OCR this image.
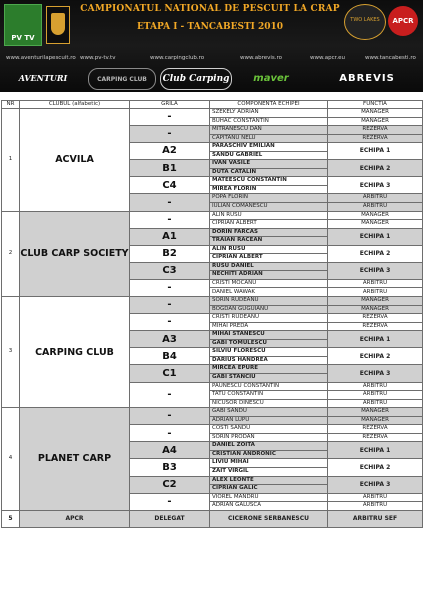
PV TV
CAMPIONATUL NATIONAL DE PESCUIT LA CRAP
ETAPA I - TANCABESTI 2010
TWO LAKES	APCR
www.aventurilapescuit.ro www.pv-tv.tv	www.carpingclub.ro	www.abrevis.ro	www.apcr.eu	www.tancabesti.ro
AVENTURI	CARPING CLUB	Club Carping	maver	ABREVIS
NR	CLUBUL (alfabetic)	GRILA	COMPONENTA ECHIPEI	FUNCTIA
1	ACVILA	-	SZEKELY ADRIAN	MANAGER
			BUHAC CONSTANTIN	MANAGER
		-	MITRANESCU DAN	REZERVA
			CAPITANU NELU	REZERVA
		A2	PARASCHIV EMILIAN	ECHIPA 1
			SANDU GABRIEL	
		B1	IVAN VASILE	ECHIPA 2
			DUTA CATALIN	
		C4	MATEESCU CONSTANTIN	ECHIPA 3
			MIREA FLORIN	
		-	POPA FLORIN	ARBITRU
			IULIAN COMANESCU	ARBITRU
2	CLUB CARP SOCIETY	-	ALIN RUSU	MANAGER
			CIPRIAN ALBERT	MANAGER
		A1	DORIN FARCAS	ECHIPA 1
			TRAIAN RACEAN	
		B2	ALIN RUSU	ECHIPA 2
			CIPRIAN ALBERT	
		C3	RUSU DANIEL	ECHIPA 3
			NECHITI ADRIAN	
		-	CRISTI MOCANU	ARBITRU
			DANIEL WAWAK	ARBITRU
3	CARPING CLUB	-	SORIN RUDEANU	MANAGER
			BOGDAN GUGUIANU	MANAGER
		-	CRISTI RUDEANU	REZERVA
			MIHAI PREDA	REZERVA
		A3	MIHAI STANESCU	ECHIPA 1
			GABI TOMULESCU	
		B4	SILVIU FLORESCU	ECHIPA 2
			DARIUS HANDREA	
		C1	MIRCEA EPURE	ECHIPA 3
			GABI STANCIU	
		-	PAUNESCU CONSTANTIN	ARBITRU
			TATU CONSTANTIN	ARBITRU
			NICUSOR DINESCU	ARBITRU
4	PLANET CARP	-	GABI SANDU	MANAGER
			ADRIAN LUPU	MANAGER
		-	COSTI SANDU	REZERVA
			SORIN PRODAN	REZERVA
		A4	DANIEL ZOITA	ECHIPA 1
			CRISTIAN ANDRONIC	
		B3	LIVIU MIHAI	ECHIPA 2
			ZAIT VIRGIL	
		C2	ALEX LEONTE	ECHIPA 3
			CIPRIAN GALIC	
		-	VIOREL MANDRU	ARBITRU
			ADRIAN GALUSCA	ARBITRU
5	APCR	DELEGAT	CICERONE SERBANESCU	ARBITRU SEF
